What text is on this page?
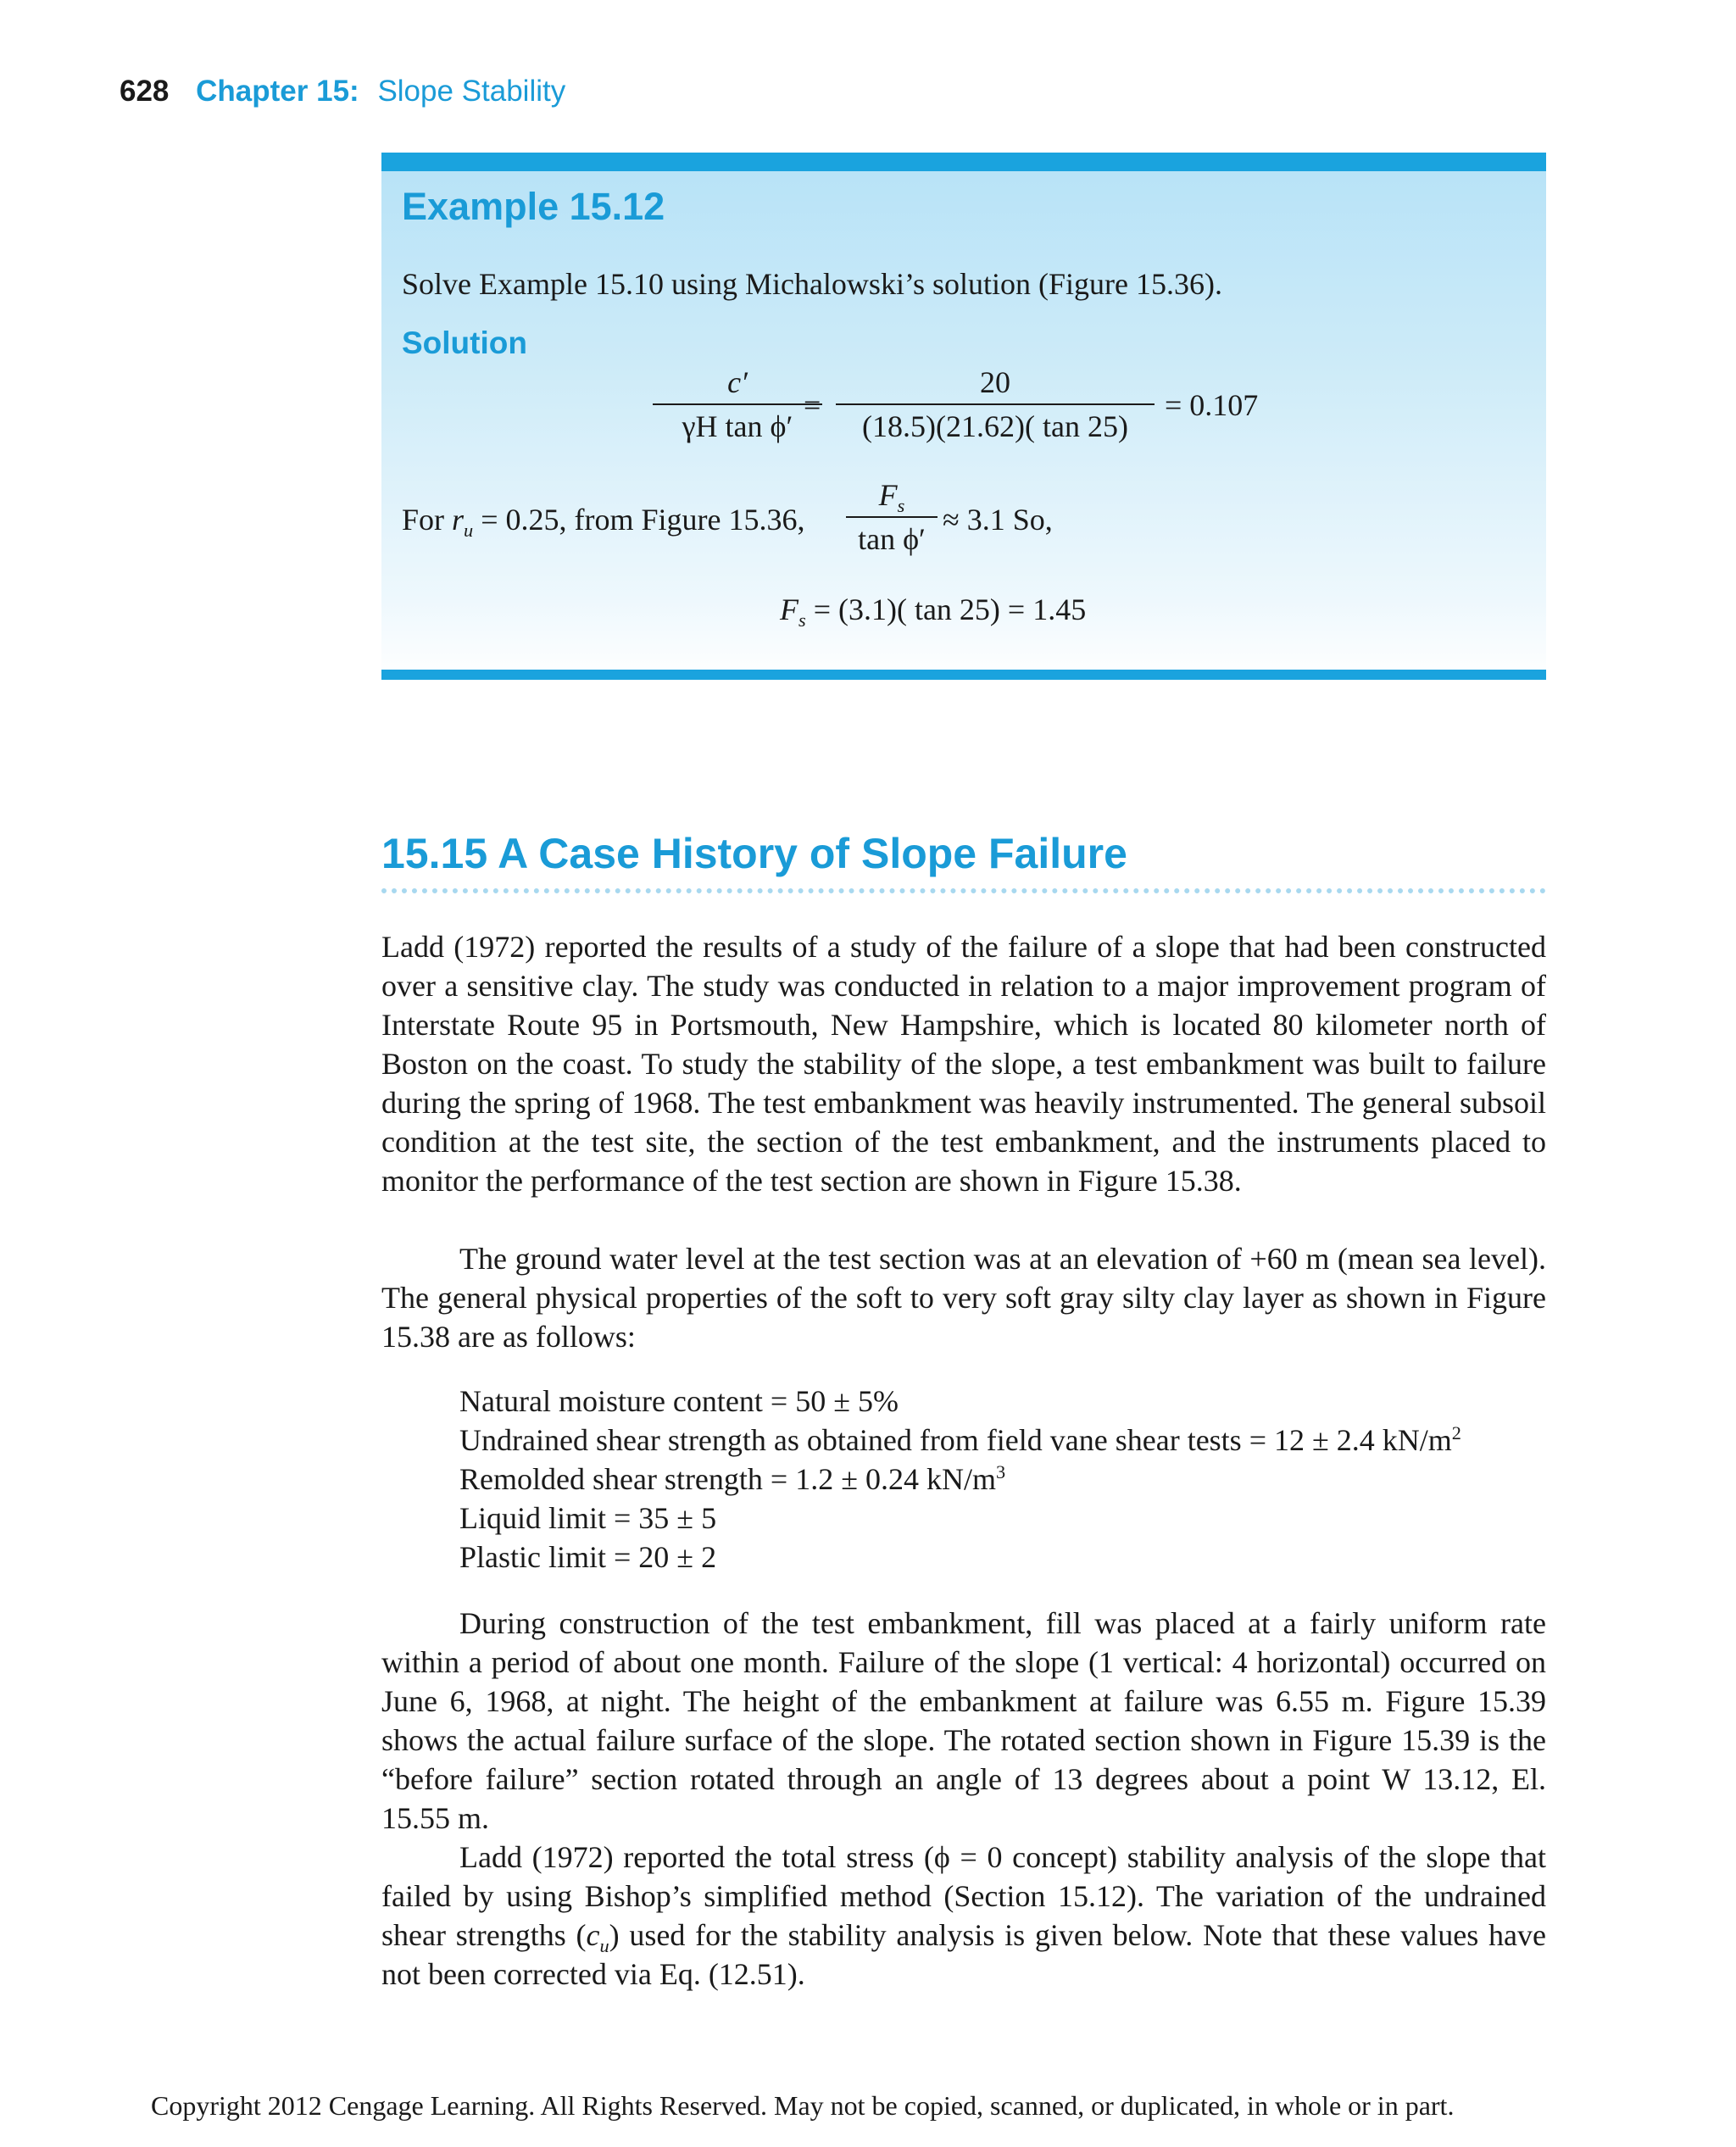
628 Chapter 15: Slope Stability
Example 15.12
Solve Example 15.10 using Michalowski’s solution (Figure 15.36).
Solution
c′
γH tan ϕ′
=
20
(18.5)(21.62)( tan 25)
= 0.107
For $r_u = 0.25$, from Figure 15.36,
$F_s$
tan ϕ′
≈ 3.1 So,
$F_s = (3.1)$( tan 25) = 1.45
15.15 A Case History of Slope Failure

Ladd (1972) reported the results of a study of the failure of a slope that had been constructed over a sensitive clay. The study was conducted in relation to a major improvement program of Interstate Route 95 in Portsmouth, New Hampshire, which is located 80 kilometer north of Boston on the coast. To study the stability of the slope, a test embankment was built to failure during the spring of 1968. The test embankment was heavily instrumented. The general subsoil condition at the test site, the section of the test embankment, and the instruments placed to monitor the performance of the test section are shown in Figure 15.38.

The ground water level at the test section was at an elevation of +60 m (mean sea level). The general physical properties of the soft to very soft gray silty clay layer as shown in Figure 15.38 are as follows:

Natural moisture content = 50 ± 5%
Undrained shear strength as obtained from field vane shear tests = 12 ± 2.4 $kN/m^2$
Remolded shear strength = 1.2 ± 0.24 $kN/m^3$
Liquid limit = 35 ± 5
Plastic limit = 20 ± 2

During construction of the test embankment, fill was placed at a fairly uniform rate within a period of about one month. Failure of the slope (1 vertical: 4 horizontal) occurred on June 6, 1968, at night. The height of the embankment at failure was 6.55 m. Figure 15.39 shows the actual failure surface of the slope. The rotated section shown in Figure 15.39 is the “before failure” section rotated through an angle of 13 degrees about a point W 13.12, El. 15.55 m.

Ladd (1972) reported the total stress (ϕ = 0 concept) stability analysis of the slope that failed by using Bishop’s simplified method (Section 15.12). The variation of the undrained shear strengths $(c_u)$ used for the stability analysis is given below. Note that these values have not been corrected via Eq. (12.51).

Copyright 2012 Cengage Learning. All Rights Reserved. May not be copied, scanned, or duplicated, in whole or in part.
